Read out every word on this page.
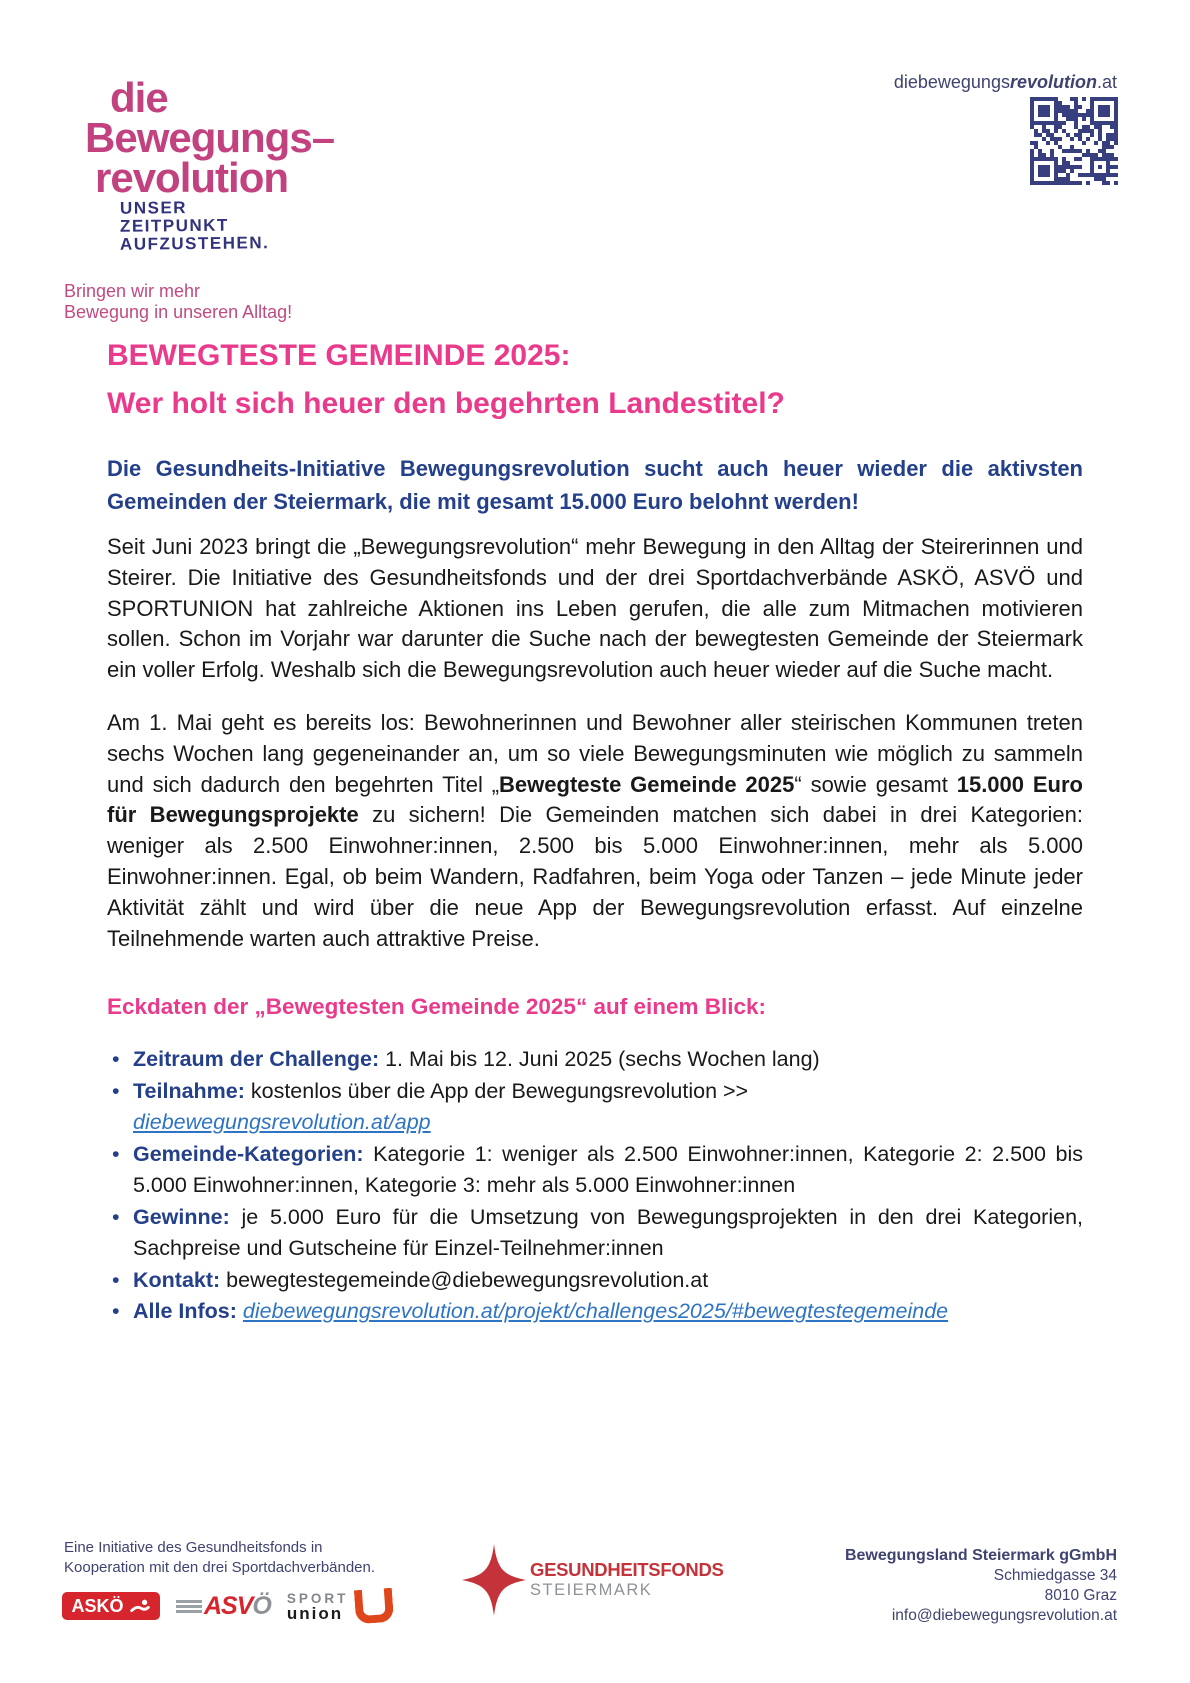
die
Bewegungs–
revolution
UNSER
ZEITPUNKT
AUFZUSTEHEN.
Bringen wir mehr
Bewegung in unseren Alltag!
diebewegungsrevolution.at
BEWEGTESTE GEMEINDE 2025:
Wer holt sich heuer den begehrten Landestitel?

Die Gesundheits-Initiative Bewegungsrevolution sucht auch heuer wieder die aktivsten Gemeinden der Steiermark, die mit gesamt 15.000 Euro belohnt werden!

Seit Juni 2023 bringt die „Bewegungsrevolution“ mehr Bewegung in den Alltag der Steirerinnen und Steirer. Die Initiative des Gesundheitsfonds und der drei Sportdachverbände ASKÖ, ASVÖ und SPORTUNION hat zahlreiche Aktionen ins Leben gerufen, die alle zum Mitmachen motivieren sollen. Schon im Vorjahr war darunter die Suche nach der bewegtesten Gemeinde der Steiermark ein voller Erfolg. Weshalb sich die Bewegungsrevolution auch heuer wieder auf die Suche macht.

Am 1. Mai geht es bereits los: Bewohnerinnen und Bewohner aller steirischen Kommunen treten sechs Wochen lang gegeneinander an, um so viele Bewegungsminuten wie möglich zu sammeln und sich dadurch den begehrten Titel „Bewegteste Gemeinde 2025“ sowie gesamt 15.000 Euro für Bewegungsprojekte zu sichern! Die Gemeinden matchen sich dabei in drei Kategorien: weniger als 2.500 Einwohner:innen, 2.500 bis 5.000 Einwohner:innen, mehr als 5.000 Einwohner:innen. Egal, ob beim Wandern, Radfahren, beim Yoga oder Tanzen – jede Minute jeder Aktivität zählt und wird über die neue App der Bewegungsrevolution erfasst. Auf einzelne Teilnehmende warten auch attraktive Preise.

Eckdaten der „Bewegtesten Gemeinde 2025“ auf einem Blick:

• Zeitraum der Challenge: 1. Mai bis 12. Juni 2025 (sechs Wochen lang)
• Teilnahme: kostenlos über die App der Bewegungsrevolution >>
diebewegungsrevolution.at/app
• Gemeinde-Kategorien: Kategorie 1: weniger als 2.500 Einwohner:innen, Kategorie 2: 2.500 bis 5.000 Einwohner:innen, Kategorie 3: mehr als 5.000 Einwohner:innen
• Gewinne: je 5.000 Euro für die Umsetzung von Bewegungsprojekten in den drei Kategorien, Sachpreise und Gutscheine für Einzel-Teilnehmer:innen
• Kontakt: bewegtestegemeinde@diebewegungsrevolution.at
• Alle Infos: diebewegungsrevolution.at/projekt/challenges2025/#bewegtestegemeinde
Eine Initiative des Gesundheitsfonds in
Kooperation mit den drei Sportdachverbänden.
ASKÖ	ASVÖ SPORT
union
GESUNDHEITSFONDS
STEIERMARK
Bewegungsland Steiermark gGmbH
Schmiedgasse 34
8010 Graz
info@diebewegungsrevolution.at
